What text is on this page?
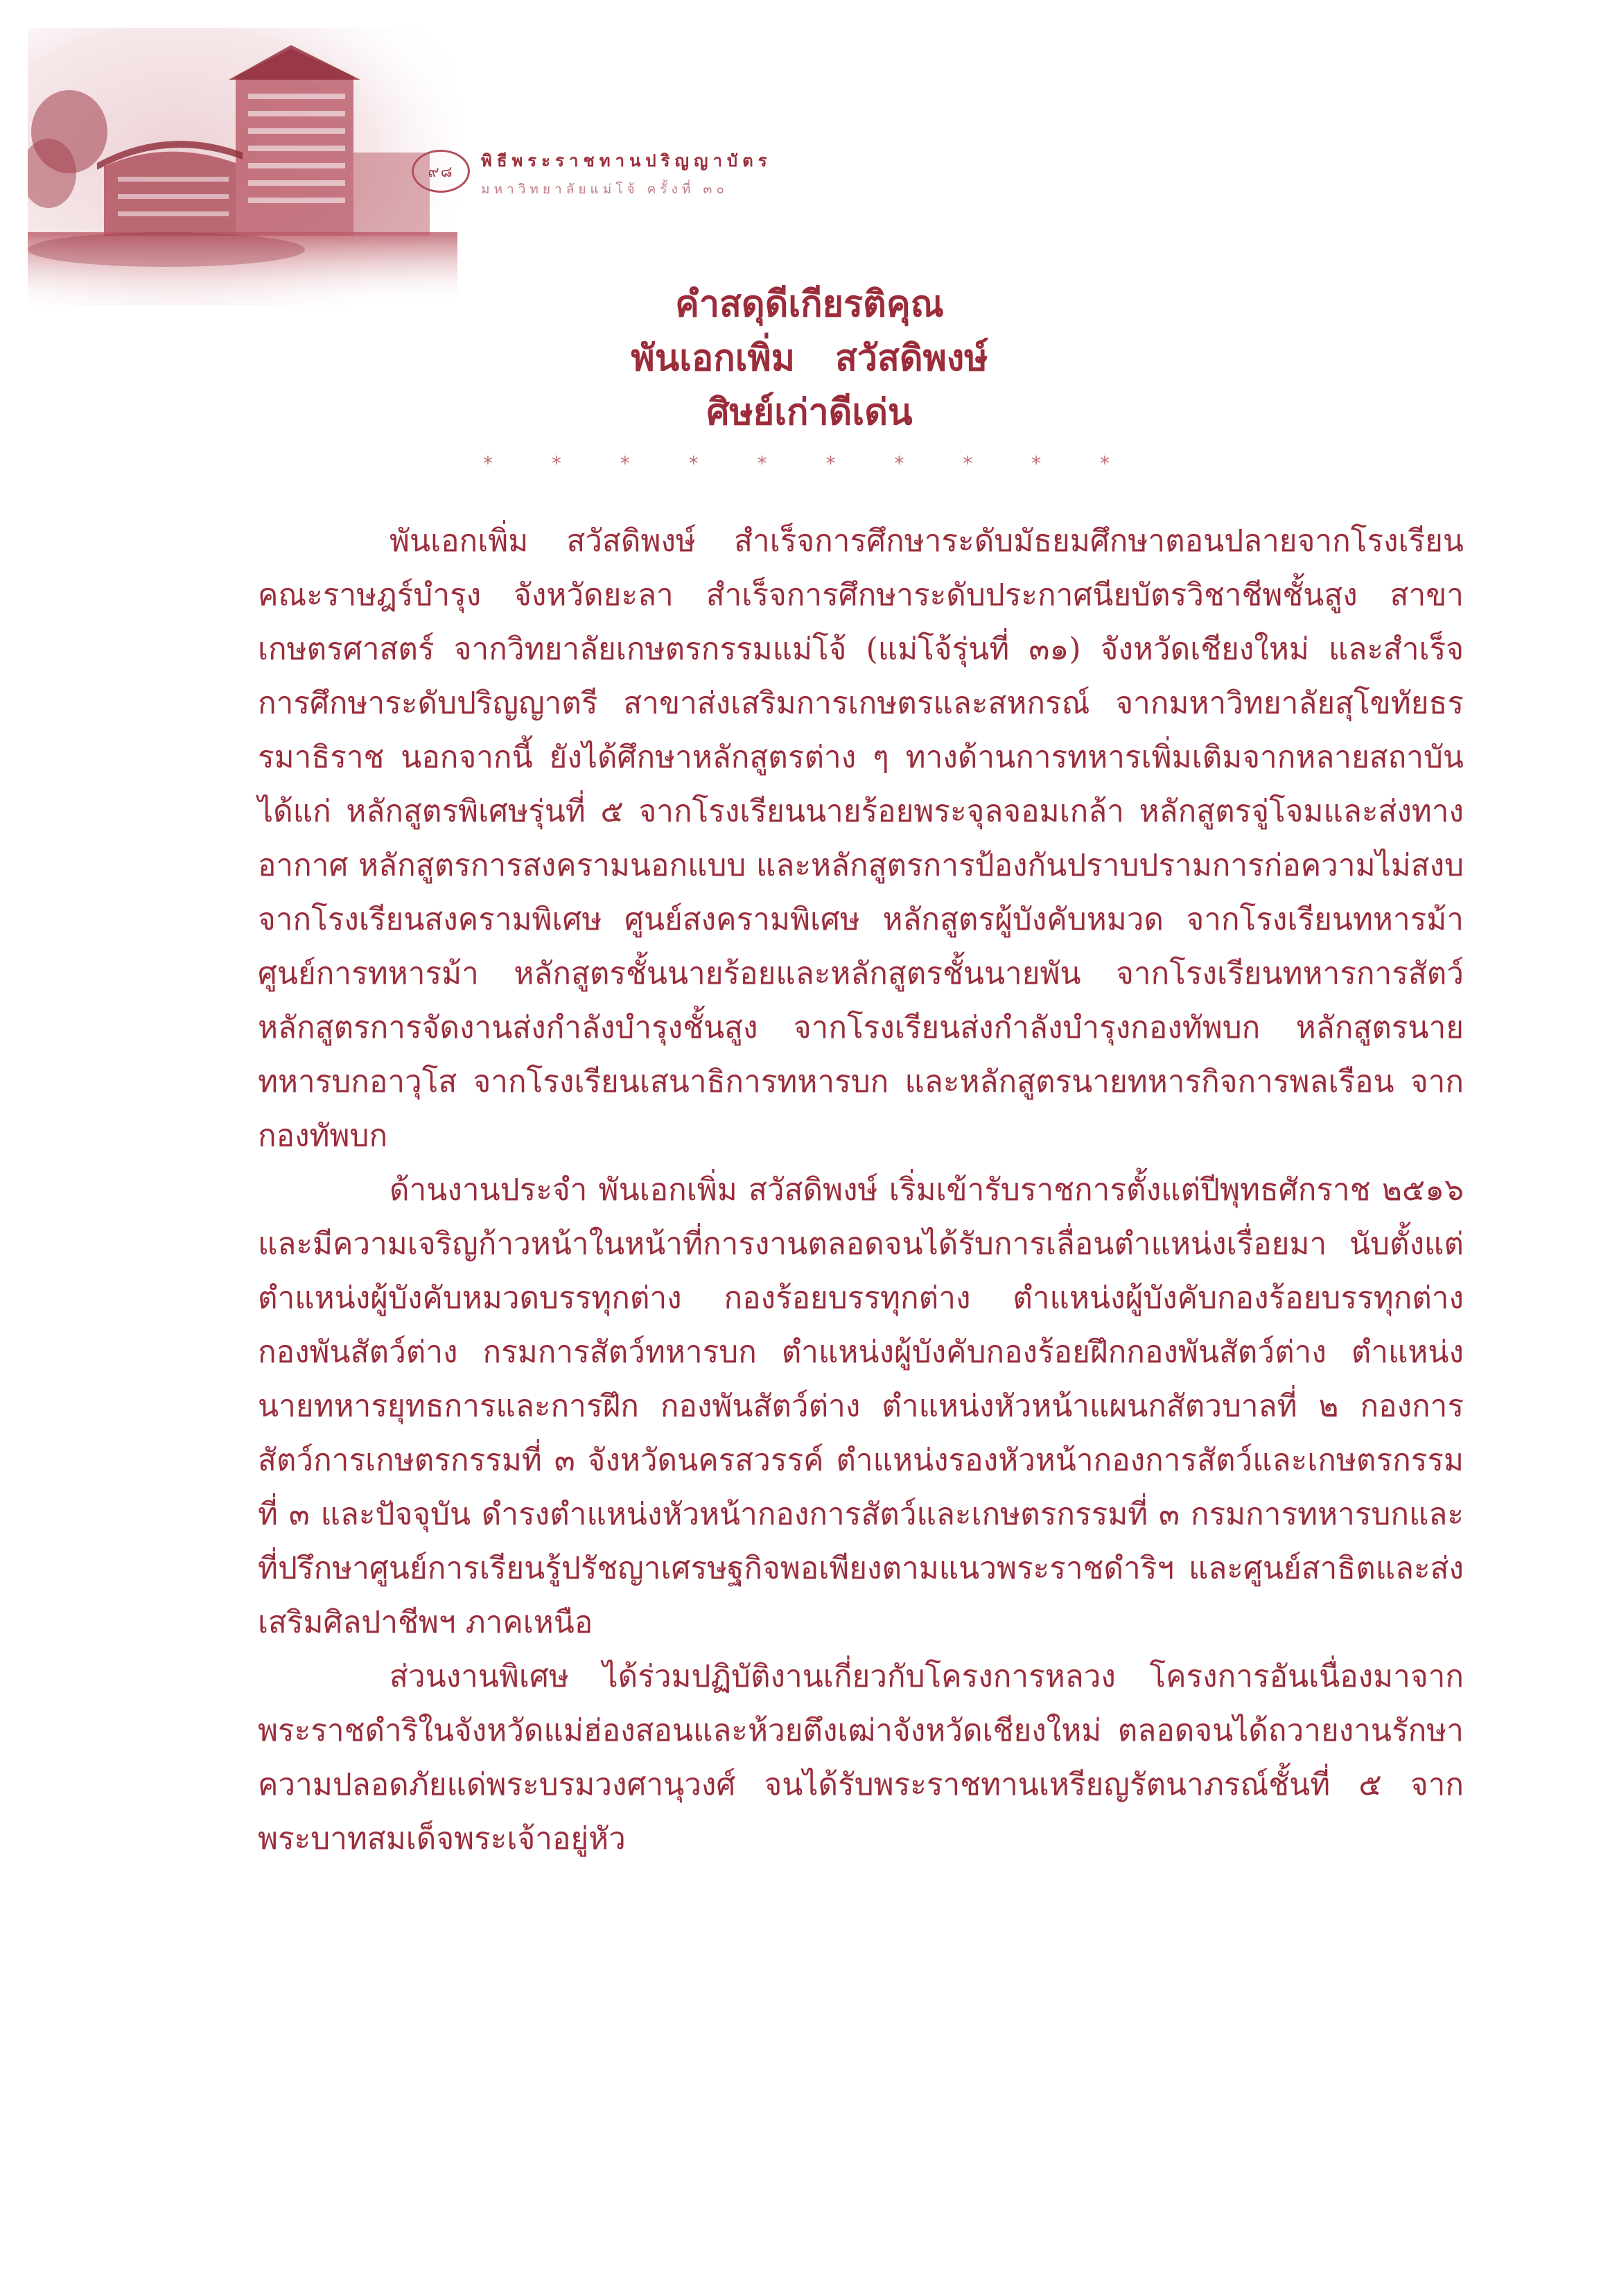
๙๘
พิธีพระราชทานปริญญาบัตร
มหาวิทยาลัยแม่โจ้ ครั้งที่ ๓๐
คำสดุดีเกียรติคุณ
พันเอกเพิ่ม สวัสดิพงษ์
ศิษย์เก่าดีเด่น
* * * * * * * * * *

พันเอกเพิ่ม สวัสดิพงษ์ สำเร็จการศึกษาระดับมัธยมศึกษาตอนปลายจากโรงเรียนคณะราษฎร์บำรุง จังหวัดยะลา สำเร็จการศึกษาระดับประกาศนียบัตรวิชาชีพชั้นสูง สาขาเกษตรศาสตร์ จากวิทยาลัยเกษตรกรรมแม่โจ้ (แม่โจ้รุ่นที่ ๓๑) จังหวัดเชียงใหม่ และสำเร็จการศึกษาระดับปริญญาตรี สาขาส่งเสริมการเกษตรและสหกรณ์ จากมหาวิทยาลัยสุโขทัยธรรมาธิราช นอกจากนี้ ยังได้ศึกษาหลักสูตรต่าง ๆ ทางด้านการทหารเพิ่มเติมจากหลายสถาบัน ได้แก่ หลักสูตรพิเศษรุ่นที่ ๕ จากโรงเรียนนายร้อยพระจุลจอมเกล้า หลักสูตรจู่โจมและส่งทางอากาศ หลักสูตรการสงครามนอกแบบ และหลักสูตรการป้องกันปราบปรามการก่อความไม่สงบ จากโรงเรียนสงครามพิเศษ ศูนย์สงครามพิเศษ หลักสูตรผู้บังคับหมวด จากโรงเรียนทหารม้า ศูนย์การทหารม้า หลักสูตรชั้นนายร้อยและหลักสูตรชั้นนายพัน จากโรงเรียนทหารการสัตว์ หลักสูตรการจัดงานส่งกำลังบำรุงชั้นสูง จากโรงเรียนส่งกำลังบำรุงกองทัพบก หลักสูตรนายทหารบกอาวุโส จากโรงเรียนเสนาธิการทหารบก และหลักสูตรนายทหารกิจการพลเรือน จากกองทัพบก

ด้านงานประจำ พันเอกเพิ่ม สวัสดิพงษ์ เริ่มเข้ารับราชการตั้งแต่ปีพุทธศักราช ๒๕๑๖ และมีความเจริญก้าวหน้าในหน้าที่การงานตลอดจนได้รับการเลื่อนตำแหน่งเรื่อยมา นับตั้งแต่ตำแหน่งผู้บังคับหมวดบรรทุกต่าง กองร้อยบรรทุกต่าง ตำแหน่งผู้บังคับกองร้อยบรรทุกต่าง กองพันสัตว์ต่าง กรมการสัตว์ทหารบก ตำแหน่งผู้บังคับกองร้อยฝึกกองพันสัตว์ต่าง ตำแหน่งนายทหารยุทธการและการฝึก กองพันสัตว์ต่าง ตำแหน่งหัวหน้าแผนกสัตวบาลที่ ๒ กองการสัตว์การเกษตรกรรมที่ ๓ จังหวัดนครสวรรค์ ตำแหน่งรองหัวหน้ากองการสัตว์และเกษตรกรรมที่ ๓ และปัจจุบัน ดำรงตำแหน่งหัวหน้ากองการสัตว์และเกษตรกรรมที่ ๓ กรมการทหารบกและที่ปรึกษาศูนย์การเรียนรู้ปรัชญาเศรษฐกิจพอเพียงตามแนวพระราชดำริฯ และศูนย์สาธิตและส่งเสริมศิลปาชีพฯ ภาคเหนือ

ส่วนงานพิเศษ ได้ร่วมปฏิบัติงานเกี่ยวกับโครงการหลวง โครงการอันเนื่องมาจากพระราชดำริในจังหวัดแม่ฮ่องสอนและห้วยตึงเฒ่าจังหวัดเชียงใหม่ ตลอดจนได้ถวายงานรักษาความปลอดภัยแด่พระบรมวงศานุวงศ์ จนได้รับพระราชทานเหรียญรัตนาภรณ์ชั้นที่ ๕ จากพระบาทสมเด็จพระเจ้าอยู่หัว
